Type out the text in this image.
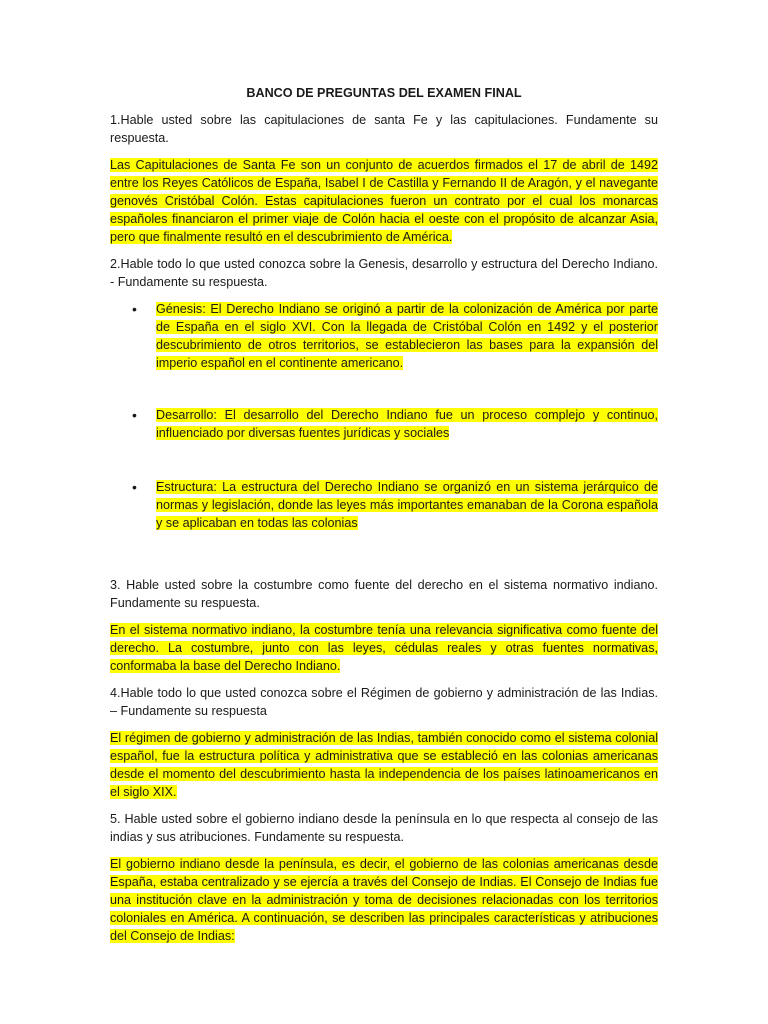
BANCO DE PREGUNTAS DEL EXAMEN FINAL

1.Hable usted sobre las capitulaciones de santa Fe y las capitulaciones. Fundamente su respuesta.

Las Capitulaciones de Santa Fe son un conjunto de acuerdos firmados el 17 de abril de 1492 entre los Reyes Católicos de España, Isabel I de Castilla y Fernando II de Aragón, y el navegante genovés Cristóbal Colón. Estas capitulaciones fueron un contrato por el cual los monarcas españoles financiaron el primer viaje de Colón hacia el oeste con el propósito de alcanzar Asia, pero que finalmente resultó en el descubrimiento de América.

2.Hable todo lo que usted conozca sobre la Genesis, desarrollo y estructura del Derecho Indiano. - Fundamente su respuesta.

• Génesis: El Derecho Indiano se originó a partir de la colonización de América por parte de España en el siglo XVI. Con la llegada de Cristóbal Colón en 1492 y el posterior descubrimiento de otros territorios, se establecieron las bases para la expansión del imperio español en el continente americano.
• Desarrollo: El desarrollo del Derecho Indiano fue un proceso complejo y continuo, influenciado por diversas fuentes jurídicas y sociales
• Estructura: La estructura del Derecho Indiano se organizó en un sistema jerárquico de normas y legislación, donde las leyes más importantes emanaban de la Corona española y se aplicaban en todas las colonias

3. Hable usted sobre la costumbre como fuente del derecho en el sistema normativo indiano. Fundamente su respuesta.

En el sistema normativo indiano, la costumbre tenía una relevancia significativa como fuente del derecho. La costumbre, junto con las leyes, cédulas reales y otras fuentes normativas, conformaba la base del Derecho Indiano.

4.Hable todo lo que usted conozca sobre el Régimen de gobierno y administración de las Indias. – Fundamente su respuesta

El régimen de gobierno y administración de las Indias, también conocido como el sistema colonial español, fue la estructura política y administrativa que se estableció en las colonias americanas desde el momento del descubrimiento hasta la independencia de los países latinoamericanos en el siglo XIX.

5. Hable usted sobre el gobierno indiano desde la península en lo que respecta al consejo de las indias y sus atribuciones. Fundamente su respuesta.

El gobierno indiano desde la península, es decir, el gobierno de las colonias americanas desde España, estaba centralizado y se ejercía a través del Consejo de Indias. El Consejo de Indias fue una institución clave en la administración y toma de decisiones relacionadas con los territorios coloniales en América. A continuación, se describen las principales características y atribuciones del Consejo de Indias:
